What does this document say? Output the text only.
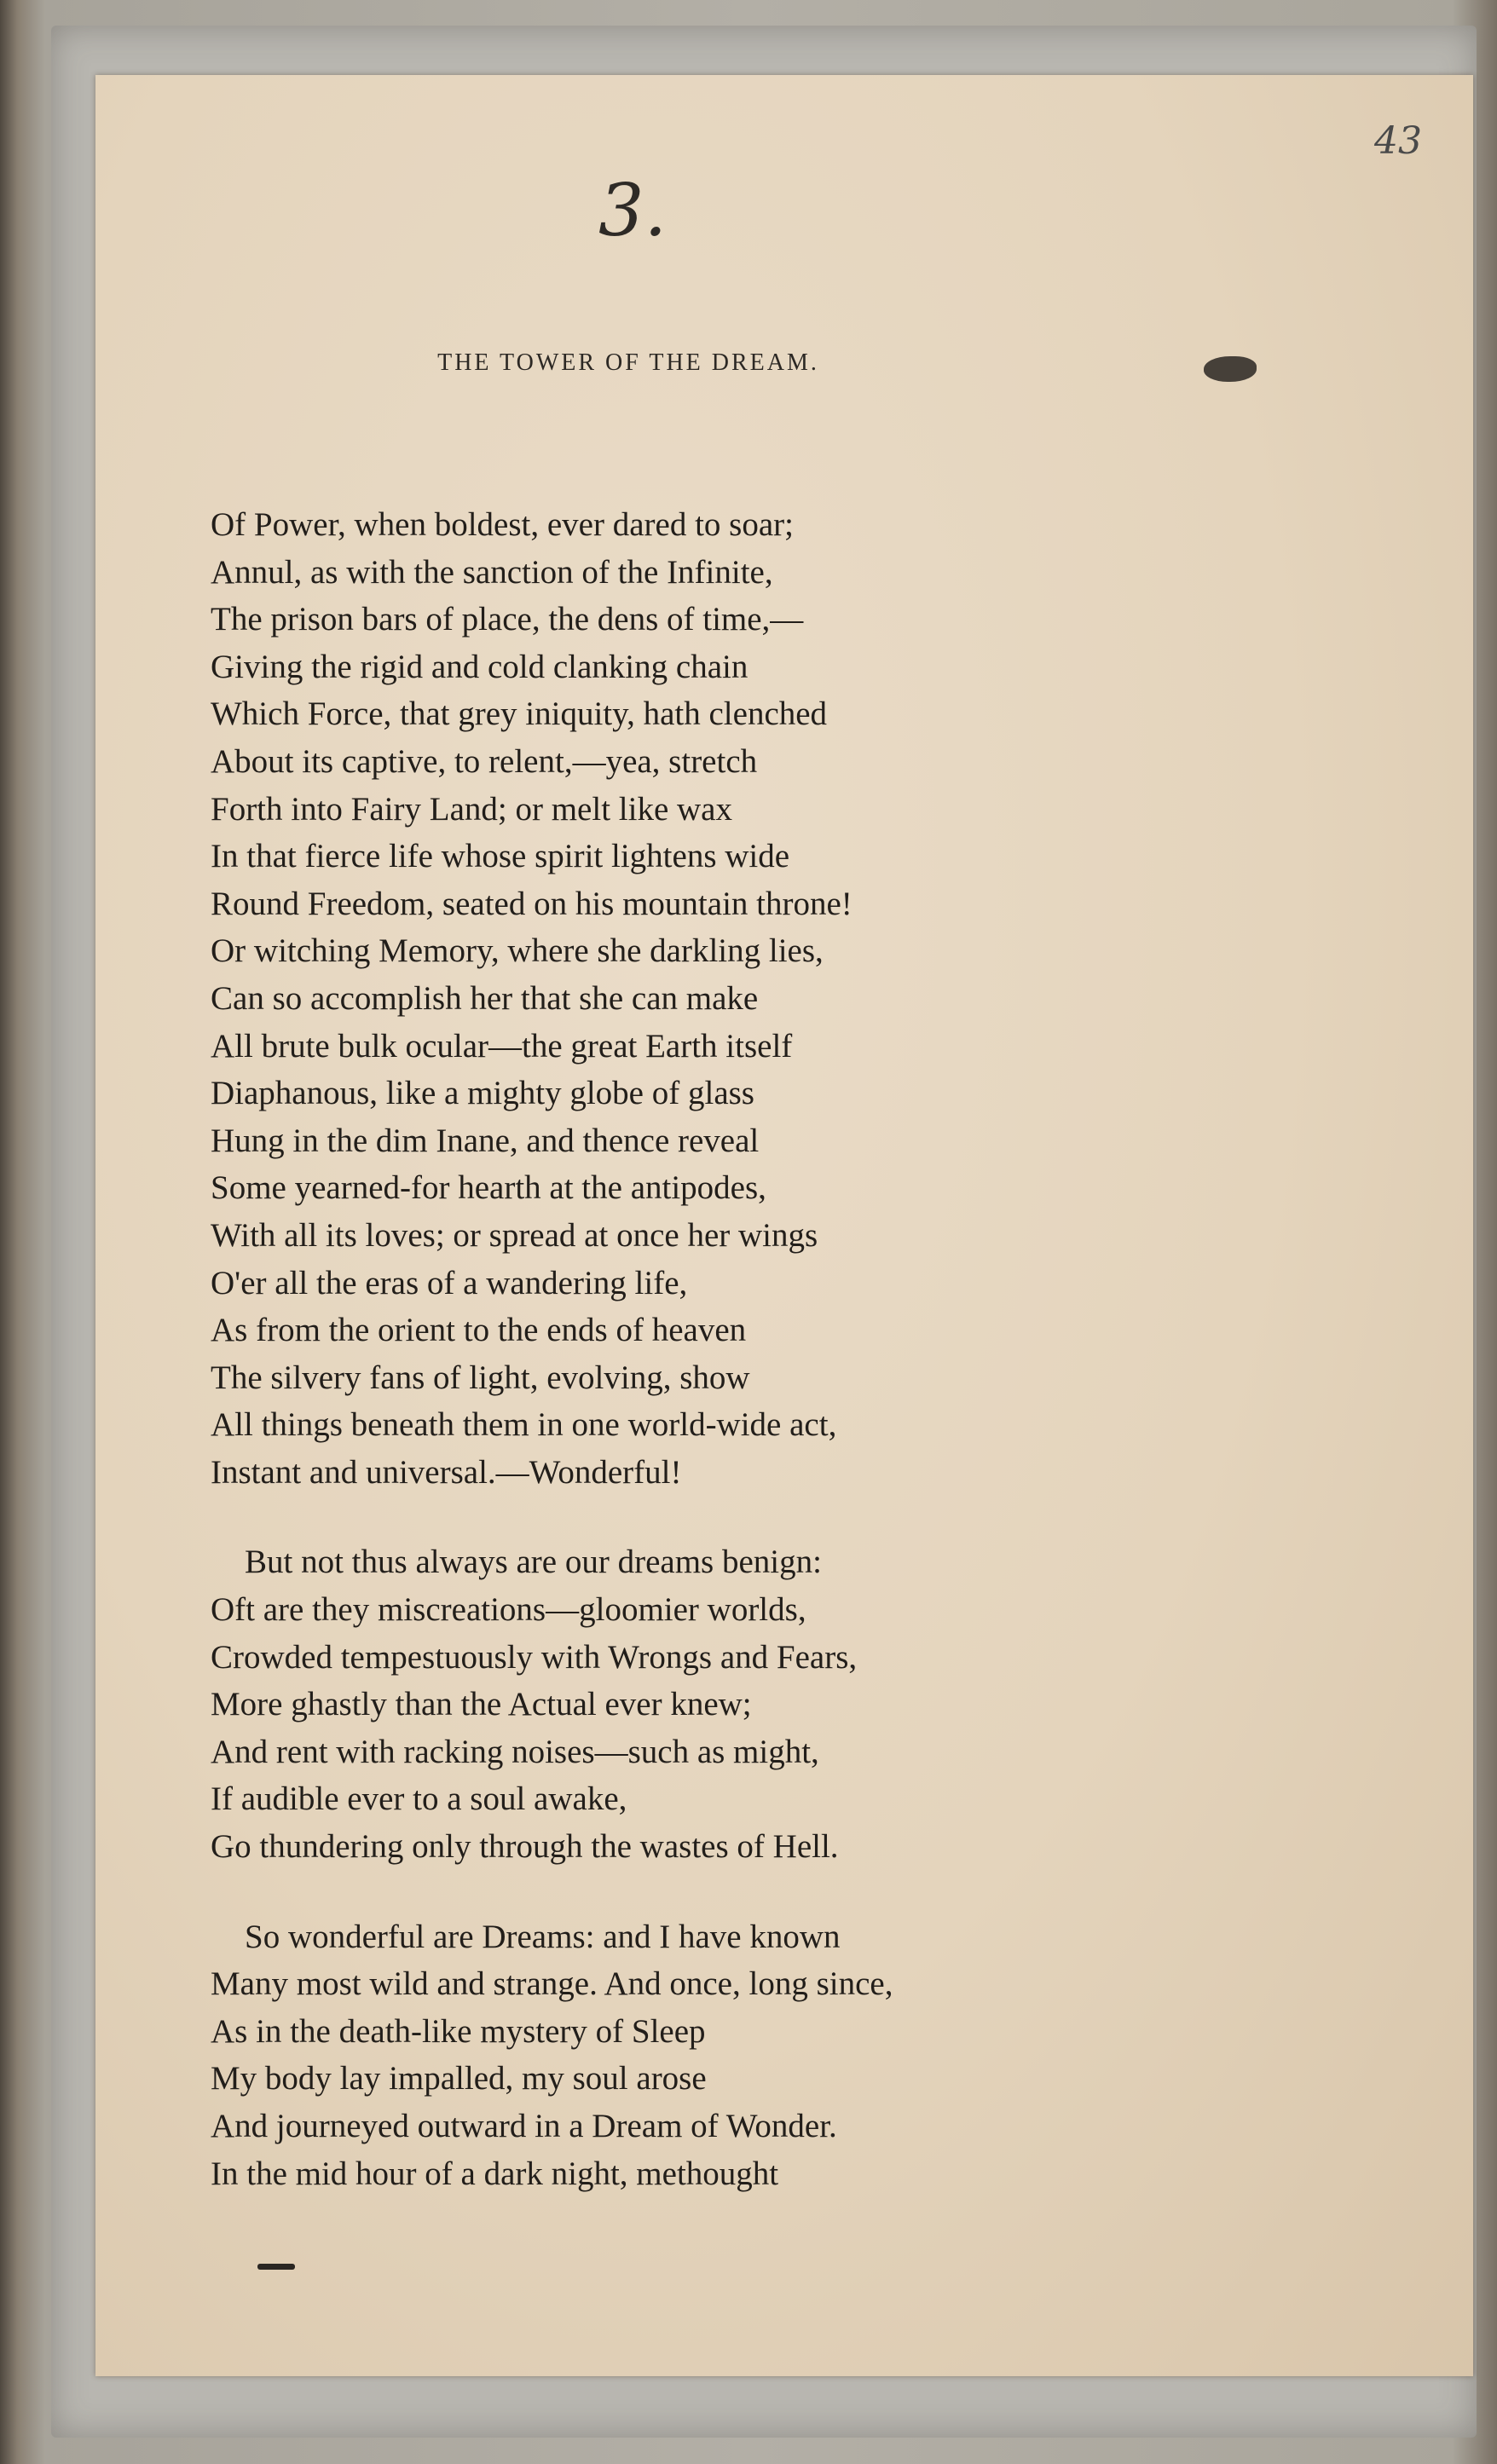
43
3.
THE TOWER OF THE DREAM.
Of Power, when boldest, ever dared to soar;
Annul, as with the sanction of the Infinite,
The prison bars of place, the dens of time,—
Giving the rigid and cold clanking chain
Which Force, that grey iniquity, hath clenched
About its captive, to relent,—yea, stretch
Forth into Fairy Land; or melt like wax
In that fierce life whose spirit lightens wide
Round Freedom, seated on his mountain throne!
Or witching Memory, where she darkling lies,
Can so accomplish her that she can make
All brute bulk ocular—the great Earth itself
Diaphanous, like a mighty globe of glass
Hung in the dim Inane, and thence reveal
Some yearned-for hearth at the antipodes,
With all its loves; or spread at once her wings
O'er all the eras of a wandering life,
As from the orient to the ends of heaven
The silvery fans of light, evolving, show
All things beneath them in one world-wide act,
Instant and universal.—Wonderful!
But not thus always are our dreams benign:
Oft are they miscreations—gloomier worlds,
Crowded tempestuously with Wrongs and Fears,
More ghastly than the Actual ever knew;
And rent with racking noises—such as might,
If audible ever to a soul awake,
Go thundering only through the wastes of Hell.
So wonderful are Dreams: and I have known
Many most wild and strange. And once, long since,
As in the death-like mystery of Sleep
My body lay impalled, my soul arose
And journeyed outward in a Dream of Wonder.
In the mid hour of a dark night, methought
